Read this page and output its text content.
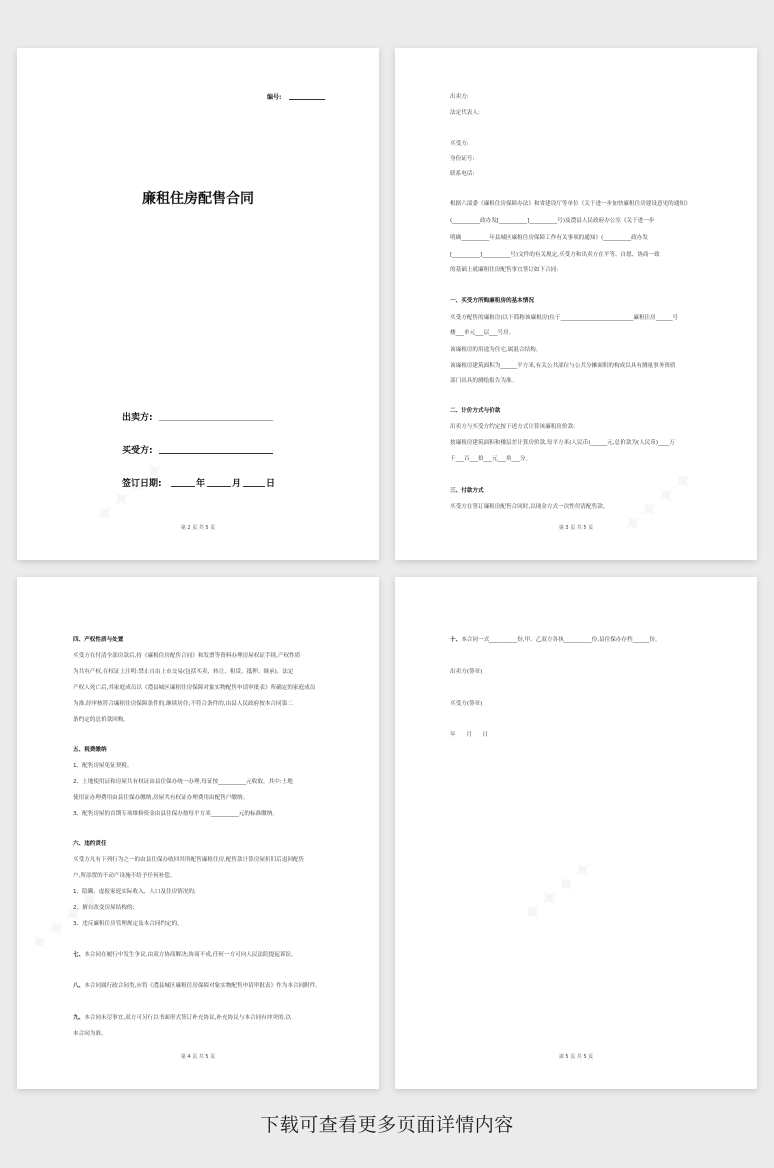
编号:
廉租住房配售合同
出卖方:
买受方:
签订日期:	年	月	日
第 2 页 共 5 页
出卖方:
法定代表人:
买受方:
身份证号:
联系电话:
根据六部委《廉租住房保障办法》和省建设厅等单位《关于进一步加快廉租住房建设意见的通知》
(__________政办发[__________]__________号)及澧县人民政府办公室《关于进一步
明确__________年县城区廉租住房保障工作有关事项的通知》(__________政办发
[__________]__________号)文件的有关规定,买受方和出卖方在平等、自愿、协商一致
的基础上就廉租住房配售事宜签订如下合同:
一、买受方所购廉租房的基本情况
买受方配售的廉租房(以下简称该廉租房)位于__________________________廉租住房______号
楼___单元___层___号房。
该廉租房的用途为住宅,属混合结构。
该廉租房建筑面积为______平方米,有关公共部位与公共分摊面积的构成以具有测量事务资质
部门出具的测绘报告为准。
二、计价方式与价款
出卖方与买受方约定按下述方式计算该廉租房价款:
按廉租房建筑面积和楼层差计算房价款,每平方米(人民币)______元,总价款为(人民币)____万
千___百___拾___元___角___分。
三、付款方式
买受方在签订廉租房配售合同时,以现金方式一次性付清配售款。
第 3 页 共 5 页
四、产权性质与处置
买受方在付清全部房款后,持《廉租住房配售合同》和发票等资料办理房屋权证手续,产权性质
为共有产权,在权证上注明:禁止自由上市交易(包括买卖、转让、租赁、抵押、继承)。法定
产权人死亡后,其家庭成员以《澧县城区廉租住房保障对象实物配售申请审批表》所确定的家庭成员
为准,经审核符合廉租住房保障条件的,继续居住;不符合条件的,由县人民政府按本合同第二
条约定的总价款回购。
五、税费缴纳
1、配售房屋免征契税。
2、土地使用证和房屋共有权证由县住保办统一办理,每证按__________元收取。其中:土地
使用证办理费用由县住保办缴纳,房屋共有权证办理费用由配售户缴纳。
3、配售房屋的首期专项维修资金由县住保办按每平方米__________元的标准缴纳。
六、违约责任
买受方凡有下列行为之一的由县住保办收回其所配售廉租住房,配售款计算房屋折旧后退回配售
户,所添置的不动产设施不给予任何补偿。
1、隐瞒、虚报家庭实际收入、人口及住房情况的;
2、擅自改变房屋结构的;
3、违反廉租住房管理规定及本合同约定的。
七、本合同在履行中发生争议,由双方协商解决;协商不成,任何一方可向人民法院提起诉讼。
八、本合同属行政合同类,应将《澧县城区廉租住房保障对象实物配售申请审批表》作为本合同附件。
九、本合同未尽事宜,双方可另行以书面形式签订补充协议,补充协议与本合同有冲突的,以
本合同为准。
第 4 页 共 5 页
十、本合同一式__________份,甲、乙双方各执__________份,县住保办存档______份。
出卖方(签章)
买受方(签章)
年      月      日
第 5 页 共 5 页
下载可查看更多页面详情内容
